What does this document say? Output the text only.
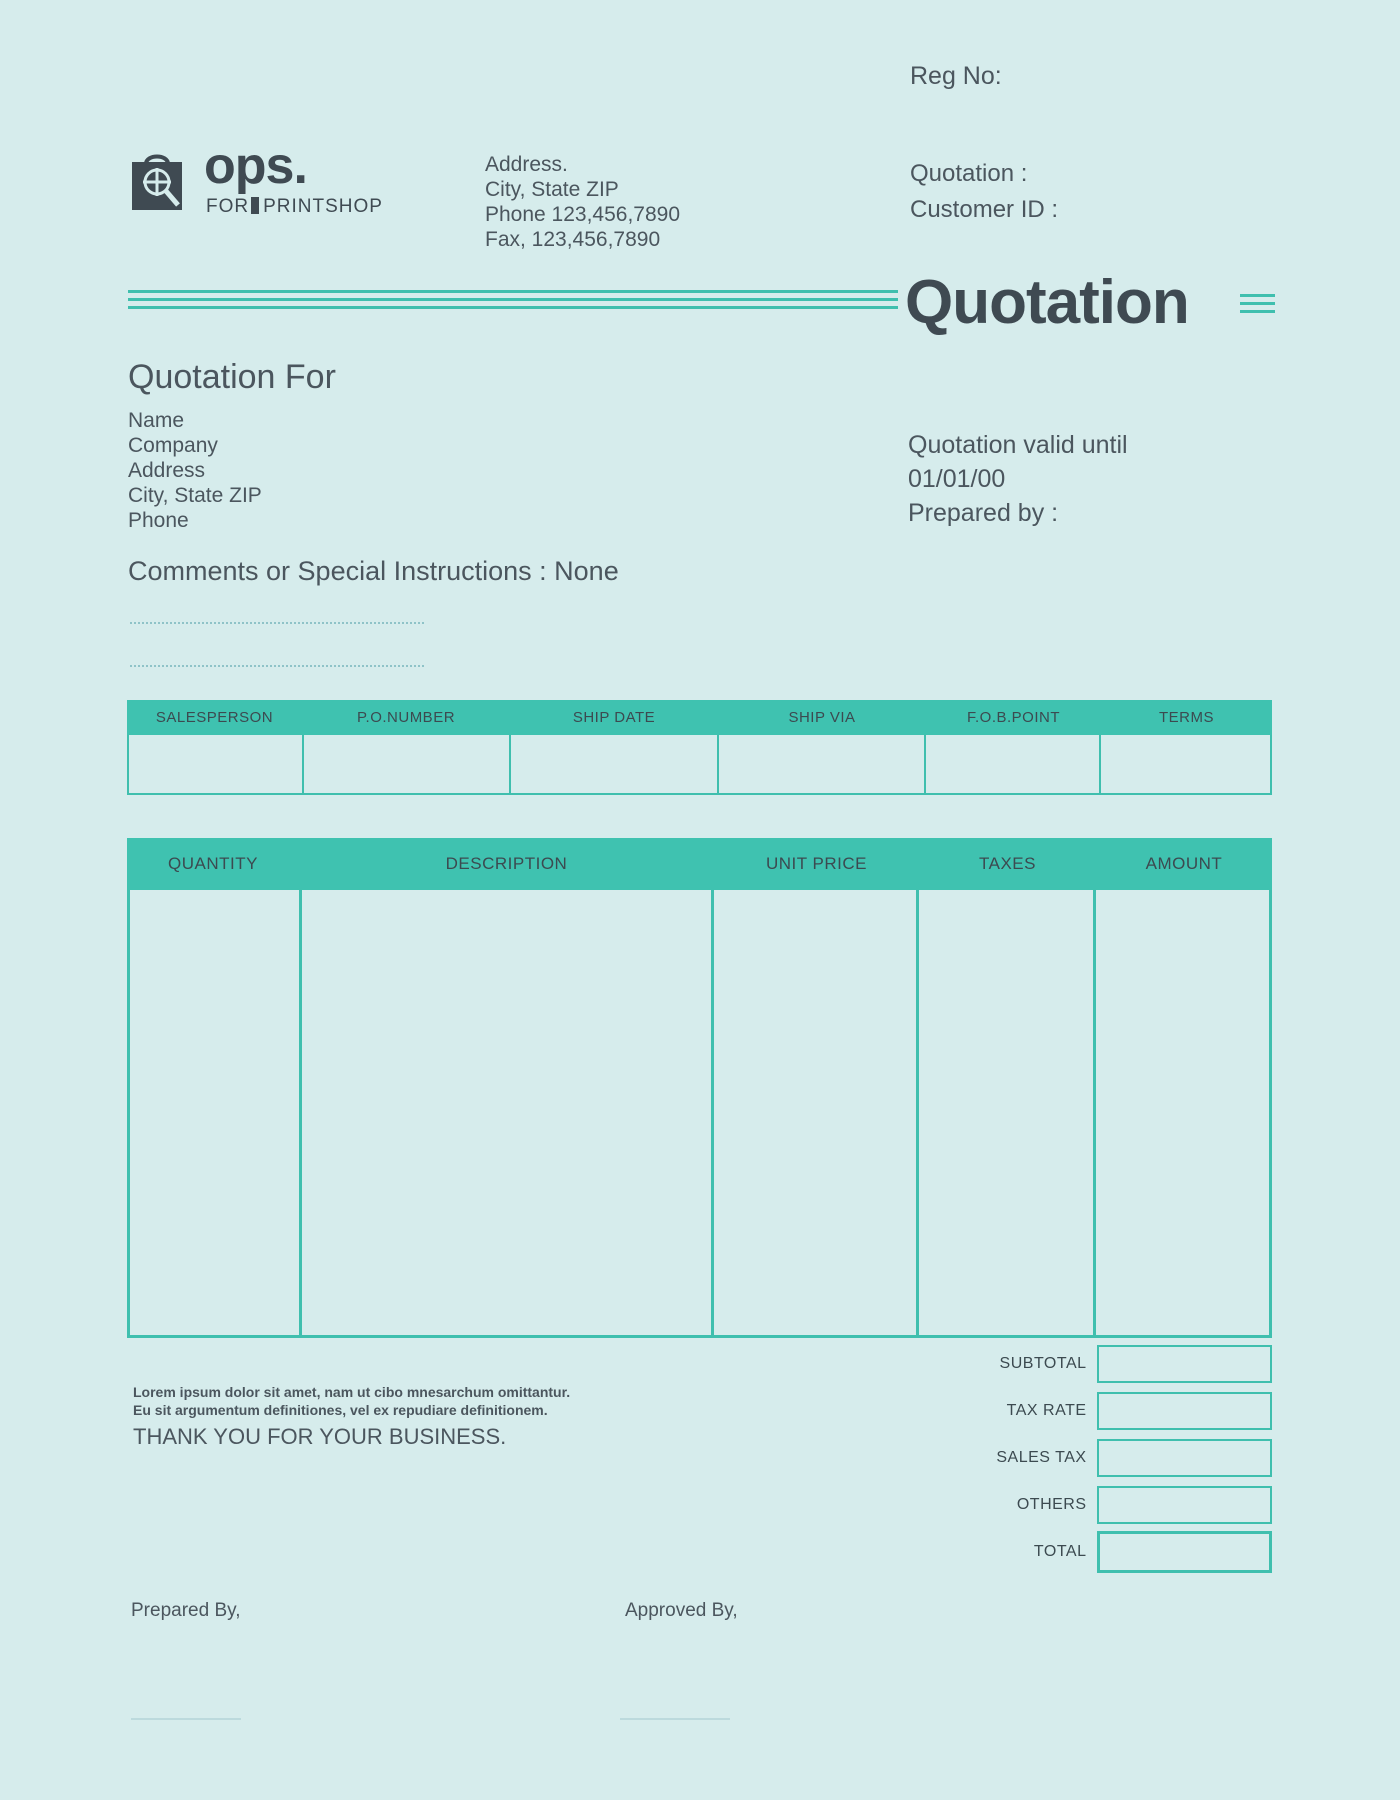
Reg No:
Quotation :
Customer ID :
ops.
FOR PRINTSHOP
Address.
City, State ZIP
Phone 123,456,7890
Fax, 123,456,7890
Quotation
Quotation For
Name
Company
Address
City, State ZIP
Phone
Quotation valid until
01/01/00
Prepared by :
Comments or Special Instructions : None
SALESPERSON	P.O.NUMBER	SHIP DATE	SHIP VIA	F.O.B.POINT	TERMS
QUANTITY	DESCRIPTION	UNIT PRICE	TAXES	AMOUNT
SUBTOTAL
TAX RATE
SALES TAX
OTHERS
TOTAL
Lorem ipsum dolor sit amet, nam ut cibo mnesarchum omittantur.
Eu sit argumentum definitiones, vel ex repudiare definitionem.
THANK YOU FOR YOUR BUSINESS.
Prepared By,	Approved By,
